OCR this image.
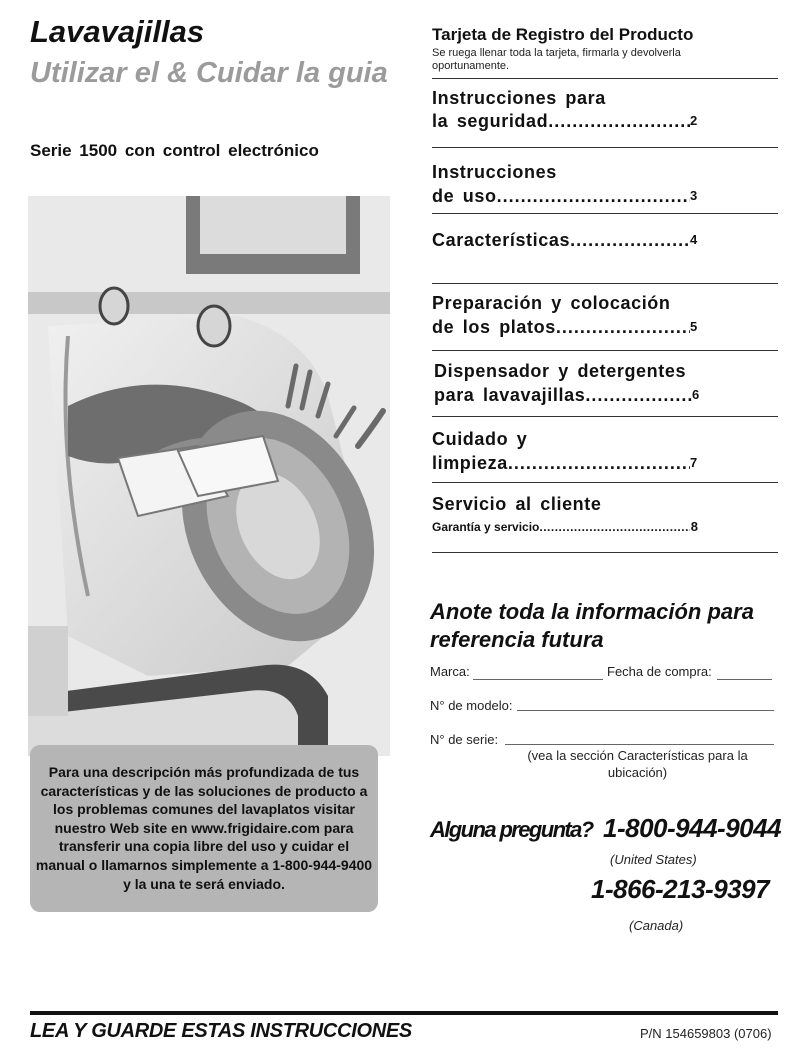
Lavavajillas
Utilizar el & Cuidar la guia
Serie 1500 con control electrónico
Para una descripción más profundizada de tus características y de las soluciones de producto a los problemas comunes del lavaplatos visitar nuestro Web site en www.frigidaire.com para transferir una copia libre del uso y cuidar el manual o llamarnos simplemente a 1-800-944-9400 y la una te será enviado.
Tarjeta de Registro del Producto
Se ruega llenar toda la tarjeta, firmarla y devolverla oportunamente.
Instrucciones para
la seguridad .....	2
Instrucciones
de uso .....	3
Características .....	4
Preparación y colocación
de los platos .....	5
Dispensador y detergentes
para lavavajillas .....	6
Cuidado y
limpieza .....	7
Servicio al cliente
Garantía y servicio .....	8
Anote toda la información para referencia futura
Marca:	Fecha de compra:
N° de modelo:
N° de serie:
(vea la sección Características para la ubicación)
Alguna pregunta? 1-800-944-9044
(United States)
1-866-213-9397
(Canada)
LEA Y GUARDE ESTAS INSTRUCCIONES	P/N 154659803 (0706)
